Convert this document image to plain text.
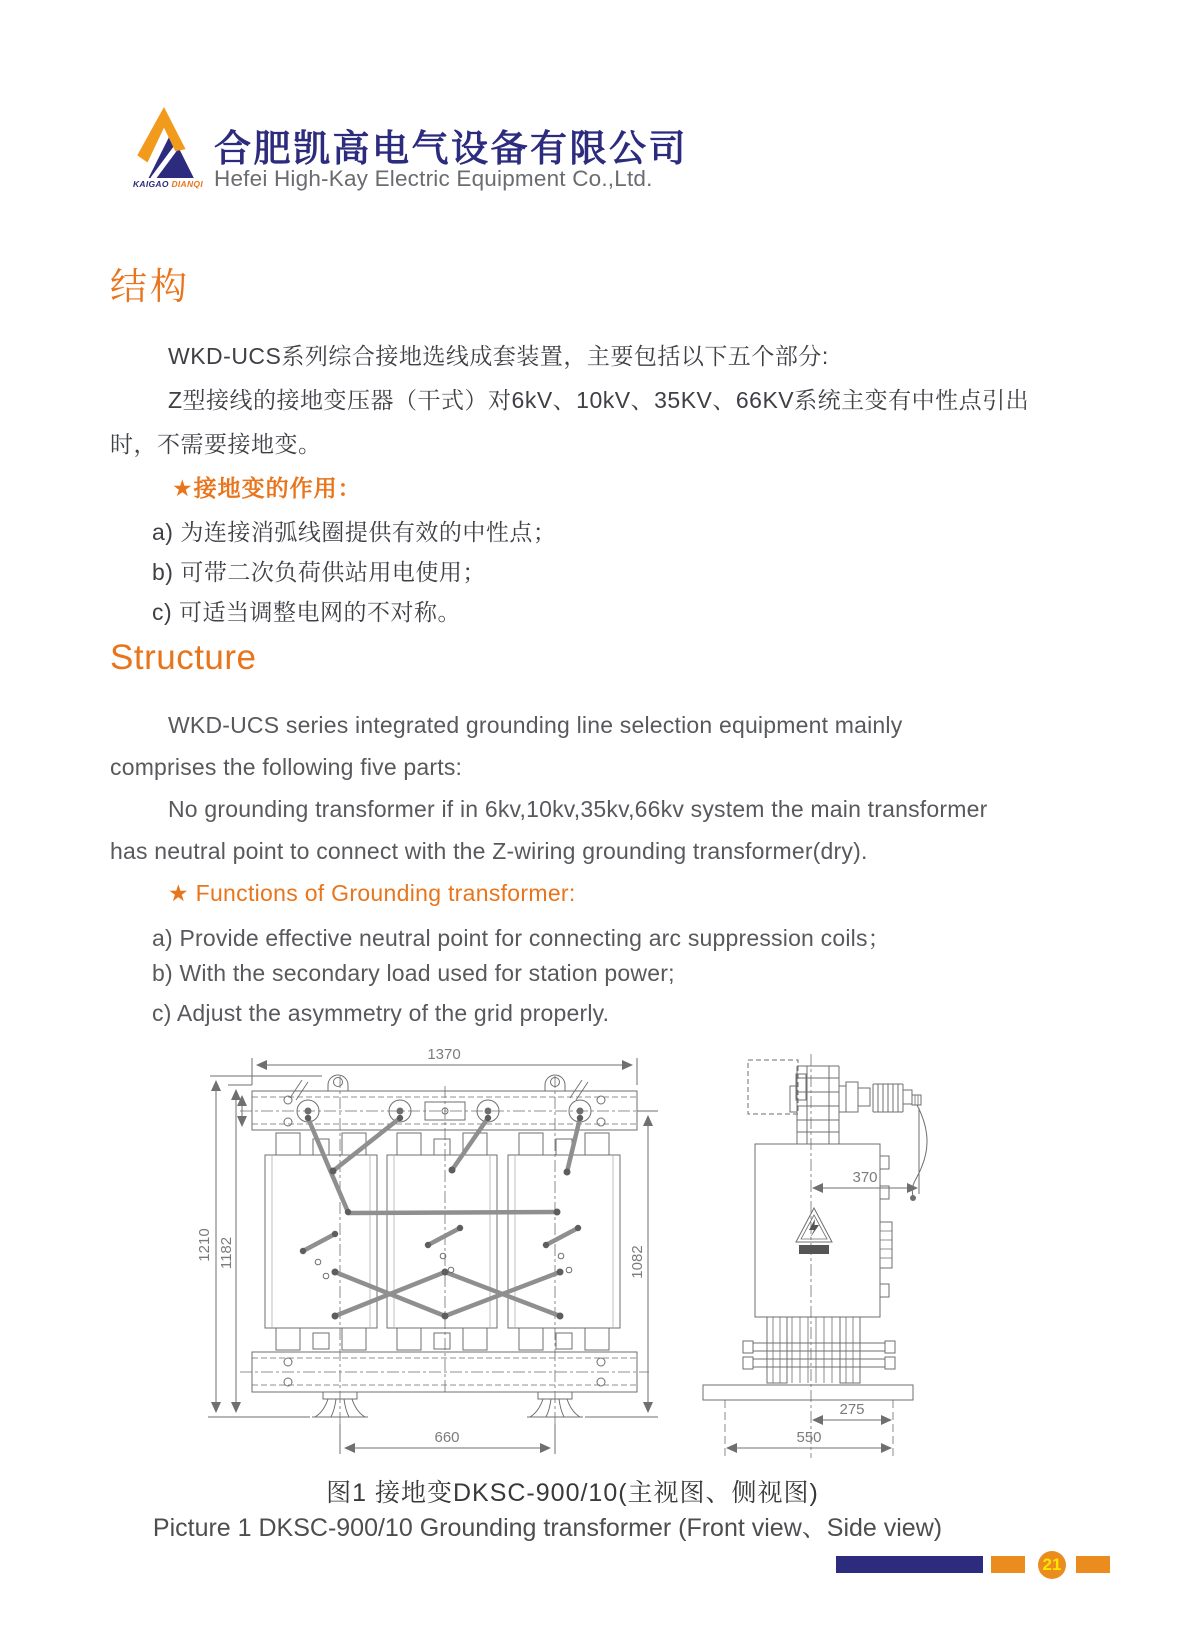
KAIGAO DIANQI
合肥凯高电气设备有限公司
Hefei High-Kay Electric Equipment Co.,Ltd.
结构
WKD-UCS系列综合接地选线成套装置，主要包括以下五个部分:
Z型接线的接地变压器（干式）对6kV、10kV、35KV、66KV系统主变有中性点引出
时，不需要接地变。
★接地变的作用：
a) 为连接消弧线圈提供有效的中性点；
b) 可带二次负荷供站用电使用；
c) 可适当调整电网的不对称。
Structure
WKD-UCS series integrated grounding line selection equipment mainly
comprises the following five parts:
No grounding transformer if in 6kv,10kv,35kv,66kv system the main transformer
has neutral point to connect with the Z-wiring grounding transformer(dry).
★ Functions of Grounding transformer:
a) Provide effective neutral point for connecting arc suppression coils；
b) With the secondary load used for station power;
c) Adjust the asymmetry of the grid properly.
1370
1210 1182	1082
660
370
275
550
图1 接地变DKSC-900/10(主视图、侧视图)
Picture 1 DKSC-900/10 Grounding transformer (Front view、Side view)
21
